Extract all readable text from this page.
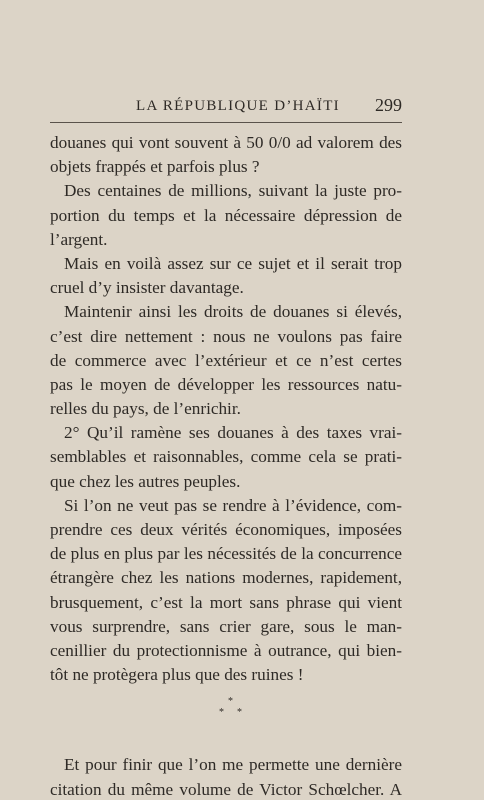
LA RÉPUBLIQUE D’HAÏTI 299
douanes qui vont souvent à 50 0/0 ad valorem des
objets frappés et parfois plus ?
Des centaines de millions, suivant la juste pro-
portion du temps et la nécessaire dépression de
l’argent.
Mais en voilà assez sur ce sujet et il serait trop
cruel d’y insister davantage.
Maintenir ainsi les droits de douanes si élevés,
c’est dire nettement : nous ne voulons pas faire
de commerce avec l’extérieur et ce n’est certes
pas le moyen de développer les ressources natu-
relles du pays, de l’enrichir.
2° Qu’il ramène ses douanes à des taxes vrai-
semblables et raisonnables, comme cela se prati-
que chez les autres peuples.
Si l’on ne veut pas se rendre à l’évidence, com-
prendre ces deux vérités économiques, imposées
de plus en plus par les nécessités de la concurrence
étrangère chez les nations modernes, rapidement,
brusquement, c’est la mort sans phrase qui vient
vous surprendre, sans crier gare, sous le man-
cenillier du protectionnisme à outrance, qui bien-
tôt ne protègera plus que des ruines !
*
* *
Et pour finir que l’on me permette une dernière
citation du même volume de Victor Schœlcher. A
